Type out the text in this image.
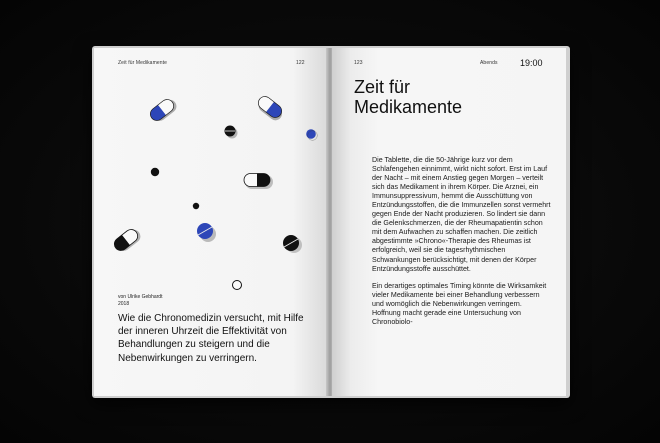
Zeit für Medikamente	122
von Ulrike Gebhardt
2018
Wie die Chronomedizin versucht, mit Hilfe der inneren Uhrzeit die Effektivität von Behandlungen zu steigern und die Nebenwirkungen zu verringern.
123	Abends 19:00
Zeit für
Medikamente

Die Tablette, die die 50-Jährige kurz vor dem Schlafengehen einnimmt, wirkt nicht sofort. Erst im Lauf der Nacht – mit einem Anstieg gegen Morgen – verteilt sich das Medikament in ihrem Körper. Die Arznei, ein Immunsuppressivum, hemmt die Ausschüttung von Entzündungsstoffen, die die Immunzellen sonst vermehrt gegen Ende der Nacht produzieren. So lindert sie dann die Gelenkschmerzen, die der Rheumapatientin schon mit dem Aufwachen zu schaffen machen. Die zeitlich abgestimmte »Chrono«-Therapie des Rheumas ist erfolgreich, weil sie die tagesrhythmischen Schwankungen berücksichtigt, mit denen der Körper Entzündungsstoffe ausschüttet.

Ein derartiges optimales Timing könnte die Wirksamkeit vieler Medikamente bei einer Behandlung verbessern und womöglich die Nebenwirkungen verringern. Hoffnung macht gerade eine Untersuchung von Chronobiolo-
